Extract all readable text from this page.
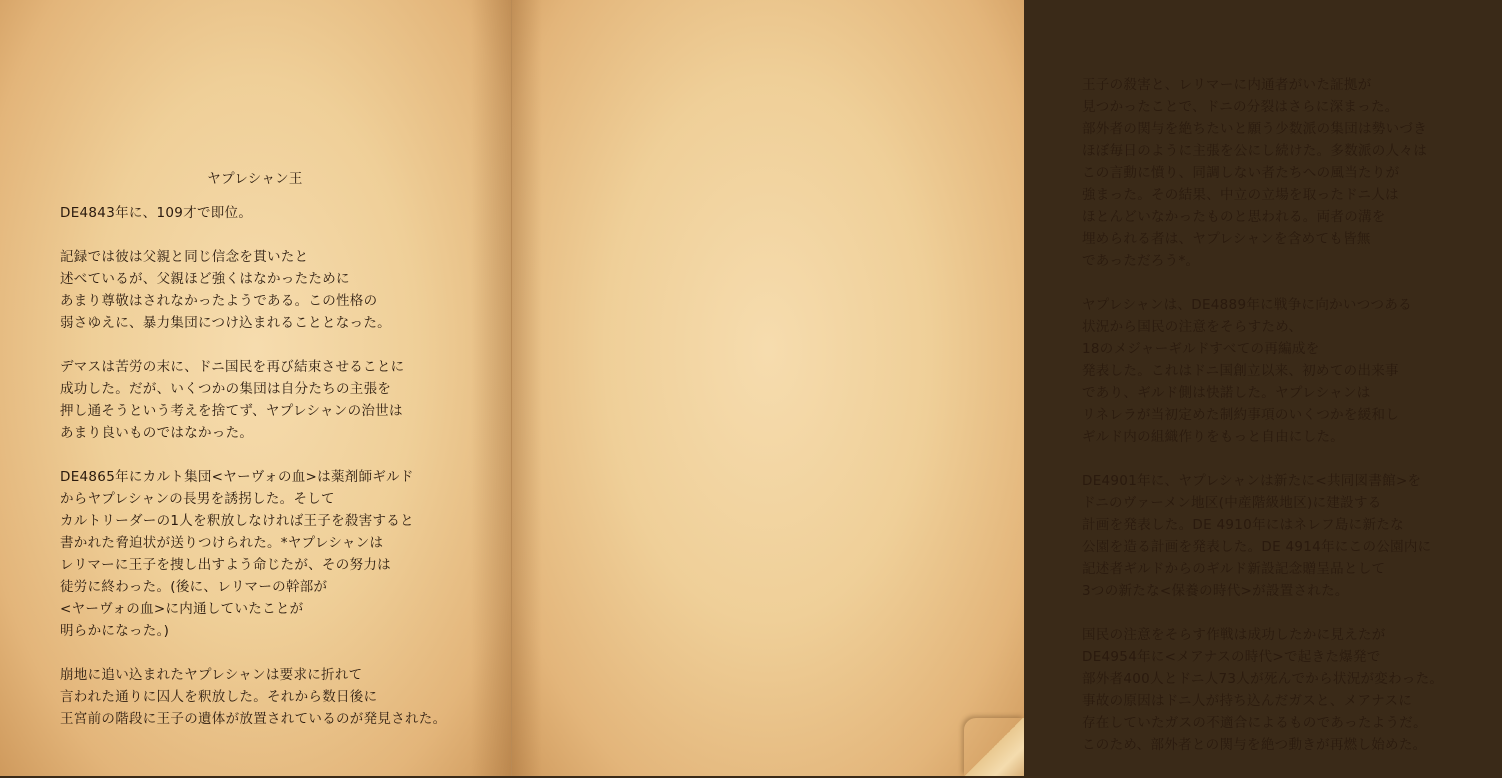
ヤプレシャン王
DE4843年に、109才で即位。
記録では彼は父親と同じ信念を貫いたと
述べているが、父親ほど強くはなかったために
あまり尊敬はされなかったようである。この性格の
弱さゆえに、暴力集団につけ込まれることとなった。
デマスは苦労の末に、ドニ国民を再び結束させることに
成功した。だが、いくつかの集団は自分たちの主張を
押し通そうという考えを捨てず、ヤプレシャンの治世は
あまり良いものではなかった。
DE4865年にカルト集団<ヤーヴォの血>は薬剤師ギルド
からヤプレシャンの長男を誘拐した。そして
カルトリーダーの1人を釈放しなければ王子を殺害すると
書かれた脅迫状が送りつけられた。*ヤプレシャンは
レリマーに王子を捜し出すよう命じたが、その努力は
徒労に終わった。(後に、レリマーの幹部が
<ヤーヴォの血>に内通していたことが
明らかになった。)
崩地に追い込まれたヤプレシャンは要求に折れて
言われた通りに囚人を釈放した。それから数日後に
王宮前の階段に王子の遺体が放置されているのが発見された。
王子の殺害と、レリマーに内通者がいた証拠が
見つかったことで、ドニの分裂はさらに深まった。
部外者の関与を絶ちたいと願う少数派の集団は勢いづき
ほぼ毎日のように主張を公にし続けた。多数派の人々は
この言動に憤り、同調しない者たちへの風当たりが
強まった。その結果、中立の立場を取ったドニ人は
ほとんどいなかったものと思われる。両者の溝を
埋められる者は、ヤプレシャンを含めても皆無
であっただろう*。
ヤプレシャンは、DE4889年に戦争に向かいつつある
状況から国民の注意をそらすため、
18のメジャーギルドすべての再編成を
発表した。これはドニ国創立以来、初めての出来事
であり、ギルド側は快諾した。ヤプレシャンは
リネレラが当初定めた制約事項のいくつかを緩和し
ギルド内の組織作りをもっと自由にした。
DE4901年に、ヤプレシャンは新たに<共同図書館>を
ドニのヴァーメン地区(中産階級地区)に建設する
計画を発表した。DE 4910年にはネレフ島に新たな
公園を造る計画を発表した。DE 4914年にこの公園内に
記述者ギルドからのギルド新設記念贈呈品として
3つの新たな<保養の時代>が設置された。
国民の注意をそらす作戦は成功したかに見えたが
DE4954年に<メアナスの時代>で起きた爆発で
部外者400人とドニ人73人が死んでから状況が変わった。
事故の原因はドニ人が持ち込んだガスと、メアナスに
存在していたガスの不適合によるものであったようだ。
このため、部外者との関与を絶つ動きが再燃し始めた。
